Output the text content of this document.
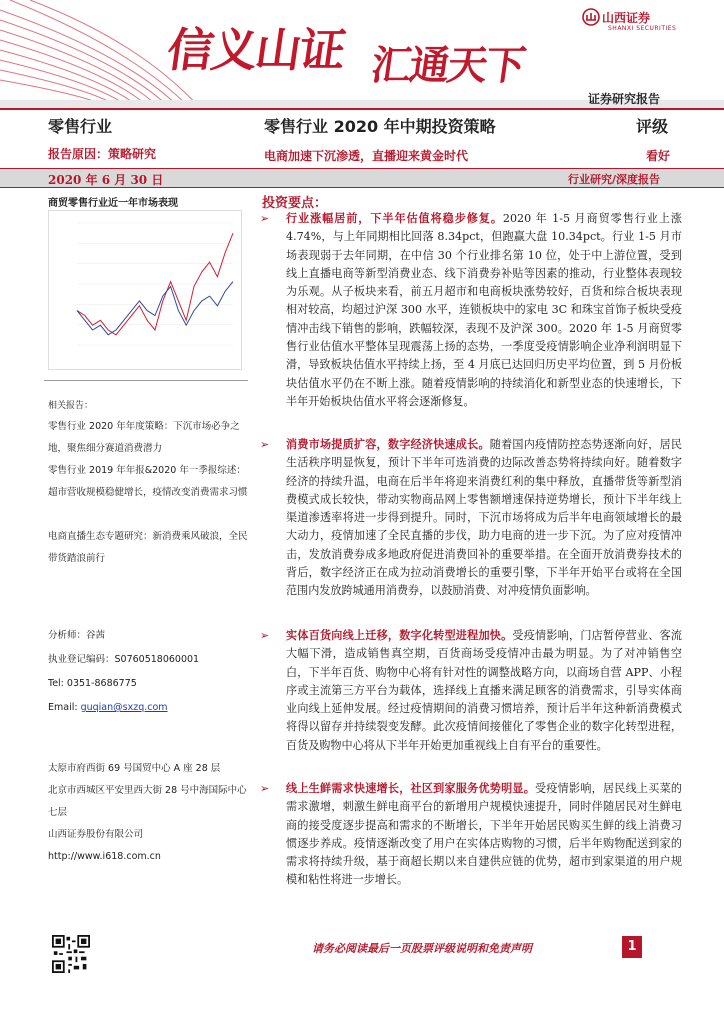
信义山证 汇通天下
山西证券
SHANXI SECURITIES
证券研究报告
零售行业	零售行业 2020 年中期投资策略	评级
报告原因：策略研究	电商加速下沉渗透，直播迎来黄金时代	看好
2020 年 6 月 30 日	行业研究/深度报告
商贸零售行业近一年市场表现
相关报告：
零售行业 2020 年年度策略：下沉市场必争之地，聚焦细分赛道消费潜力
零售行业 2019 年年报&2020 年一季报综述：超市营收规模稳健增长，疫情改变消费需求习惯
电商直播生态专题研究：新消费乘风破浪，全民带货踏浪前行
分析师：谷茜
执业登记编码：S0760518060001
Tel: 0351-8686775
Email: guqian@sxzq.com
太原市府西街 69 号国贸中心 A 座 28 层
北京市西城区平安里西大街 28 号中海国际中心七层
山西证券股份有限公司
http://www.i618.com.cn
投资要点：
➢	行业涨幅居前，下半年估值将稳步修复。2020 年 1-5 月商贸零售行业上涨 4.74%，与上年同期相比回落 8.34pct，但跑赢大盘 10.34pct。行业 1-5 月市场表现弱于去年同期，在中信 30 个行业排名第 10 位，处于中上游位置，受到线上直播电商等新型消费业态、线下消费券补贴等因素的推动，行业整体表现较为乐观。从子板块来看，前五月超市和电商板块涨势较好，百货和综合板块表现相对较高，均超过沪深 300 水平，连锁板块中的家电 3C 和珠宝首饰子板块受疫情冲击线下销售的影响，跌幅较深，表现不及沪深 300。2020 年 1-5 月商贸零售行业估值水平整体呈现震荡上扬的态势，一季度受疫情影响企业净利润明显下滑，导致板块估值水平持续上扬，至 4 月底已达回归历史平均位置，到 5 月份板块估值水平仍在不断上涨。随着疫情影响的持续消化和新型业态的快速增长，下半年开始板块估值水平将会逐渐修复。
➢	消费市场提质扩容，数字经济快速成长。随着国内疫情防控态势逐渐向好，居民生活秩序明显恢复，预计下半年可选消费的边际改善态势将持续向好。随着数字经济的持续升温，电商在后半年将迎来消费红利的集中释放，直播带货等新型消费模式成长较快，带动实物商品网上零售额增速保持逆势增长，预计下半年线上渠道渗透率将进一步得到提升。同时，下沉市场将成为后半年电商领域增长的最大动力，疫情加速了全民直播的步伐，助力电商的进一步下沉。为了应对疫情冲击，发放消费券成多地政府促进消费回补的重要举措。在全面开放消费券技术的背后，数字经济正在成为拉动消费增长的重要引擎，下半年开始平台或将在全国范围内发放跨城通用消费券，以鼓励消费、对冲疫情负面影响。
➢	实体百货向线上迁移，数字化转型进程加快。受疫情影响，门店暂停营业、客流大幅下滑，造成销售真空期，百货商场受疫情冲击最为明显。为了对冲销售空白，下半年百货、购物中心将有针对性的调整战略方向，以商场自营 APP、小程序或主流第三方平台为载体，选择线上直播来满足顾客的消费需求，引导实体商业向线上延伸发展。经过疫情期间的消费习惯培养，预计后半年这种新消费模式将得以留存并持续裂变发酵。此次疫情间接催化了零售企业的数字化转型进程，百货及购物中心将从下半年开始更加重视线上自有平台的重要性。
➢	线上生鲜需求快速增长，社区到家服务优势明显。受疫情影响，居民线上买菜的需求激增，刺激生鲜电商平台的新增用户规模快速提升，同时伴随居民对生鲜电商的接受度逐步提高和需求的不断增长，下半年开始居民购买生鲜的线上消费习惯逐步养成。疫情逐渐改变了用户在实体店购物的习惯，后半年购物配送到家的需求将持续升级，基于商超长期以来自建供应链的优势，超市到家渠道的用户规模和粘性将进一步增长。
请务必阅读最后一页股票评级说明和免责声明	1
